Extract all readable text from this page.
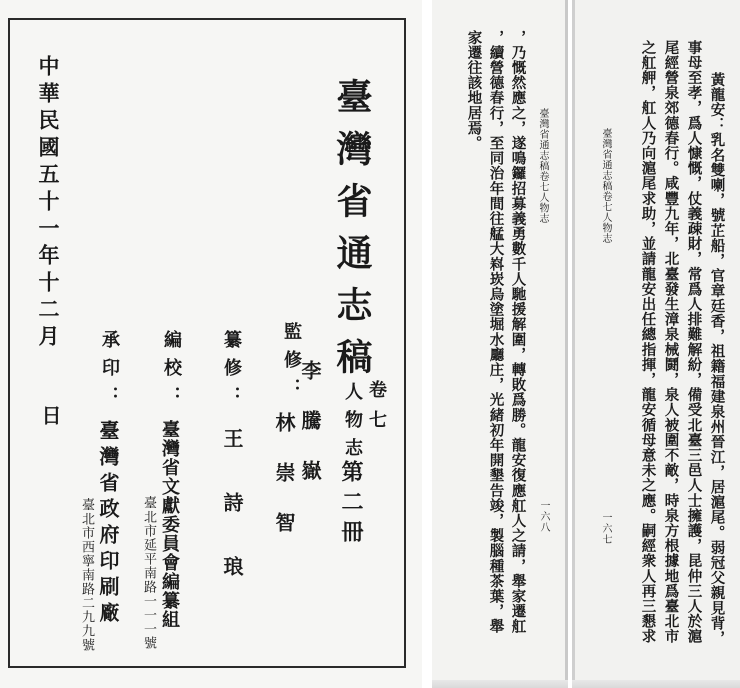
中華民國五十一年十二月
日
承印：
臺灣省政府印刷廠
臺北市西寧南路二九九號
編校：
臺灣省文獻委員會編纂組
臺北市延平南路一一一號
纂修：
王詩琅
監修：
李騰嶽
林崇智
臺灣省通志稿
卷七
人物志
第二冊	，乃慨然應之，遂鳴鑼招募義勇數千人馳援解圍，轉敗爲勝。龍安復應舡人之請，舉家遷舡
，續營德春行，至同治年間往艋大嵙崁烏塗堀水廳庄，光緒初年開墾告竣，製腦種茶葉，舉
家遷往該地居焉。
臺灣省通志稿卷七人物志
一六八
臺灣省通志稿卷七人物志
一六七	黃龍安：乳名雙喇，號芷船，官章廷香，祖籍福建泉州晉江，居滬尾。弱冠父親見背，
事母至孝，爲人慷慨，仗義疎財，常爲人排難解紛，備受北臺三邑人士擁護，昆仲三人於滬
尾經營泉郊德春行。咸豐九年，北臺發生漳泉械鬪，泉人被圍不敵，時泉方根據地爲臺北市
之舡舺，舡人乃向滬尾求助，並請龍安出任總指揮，龍安循母意未之應。嗣經衆人再三懇求
